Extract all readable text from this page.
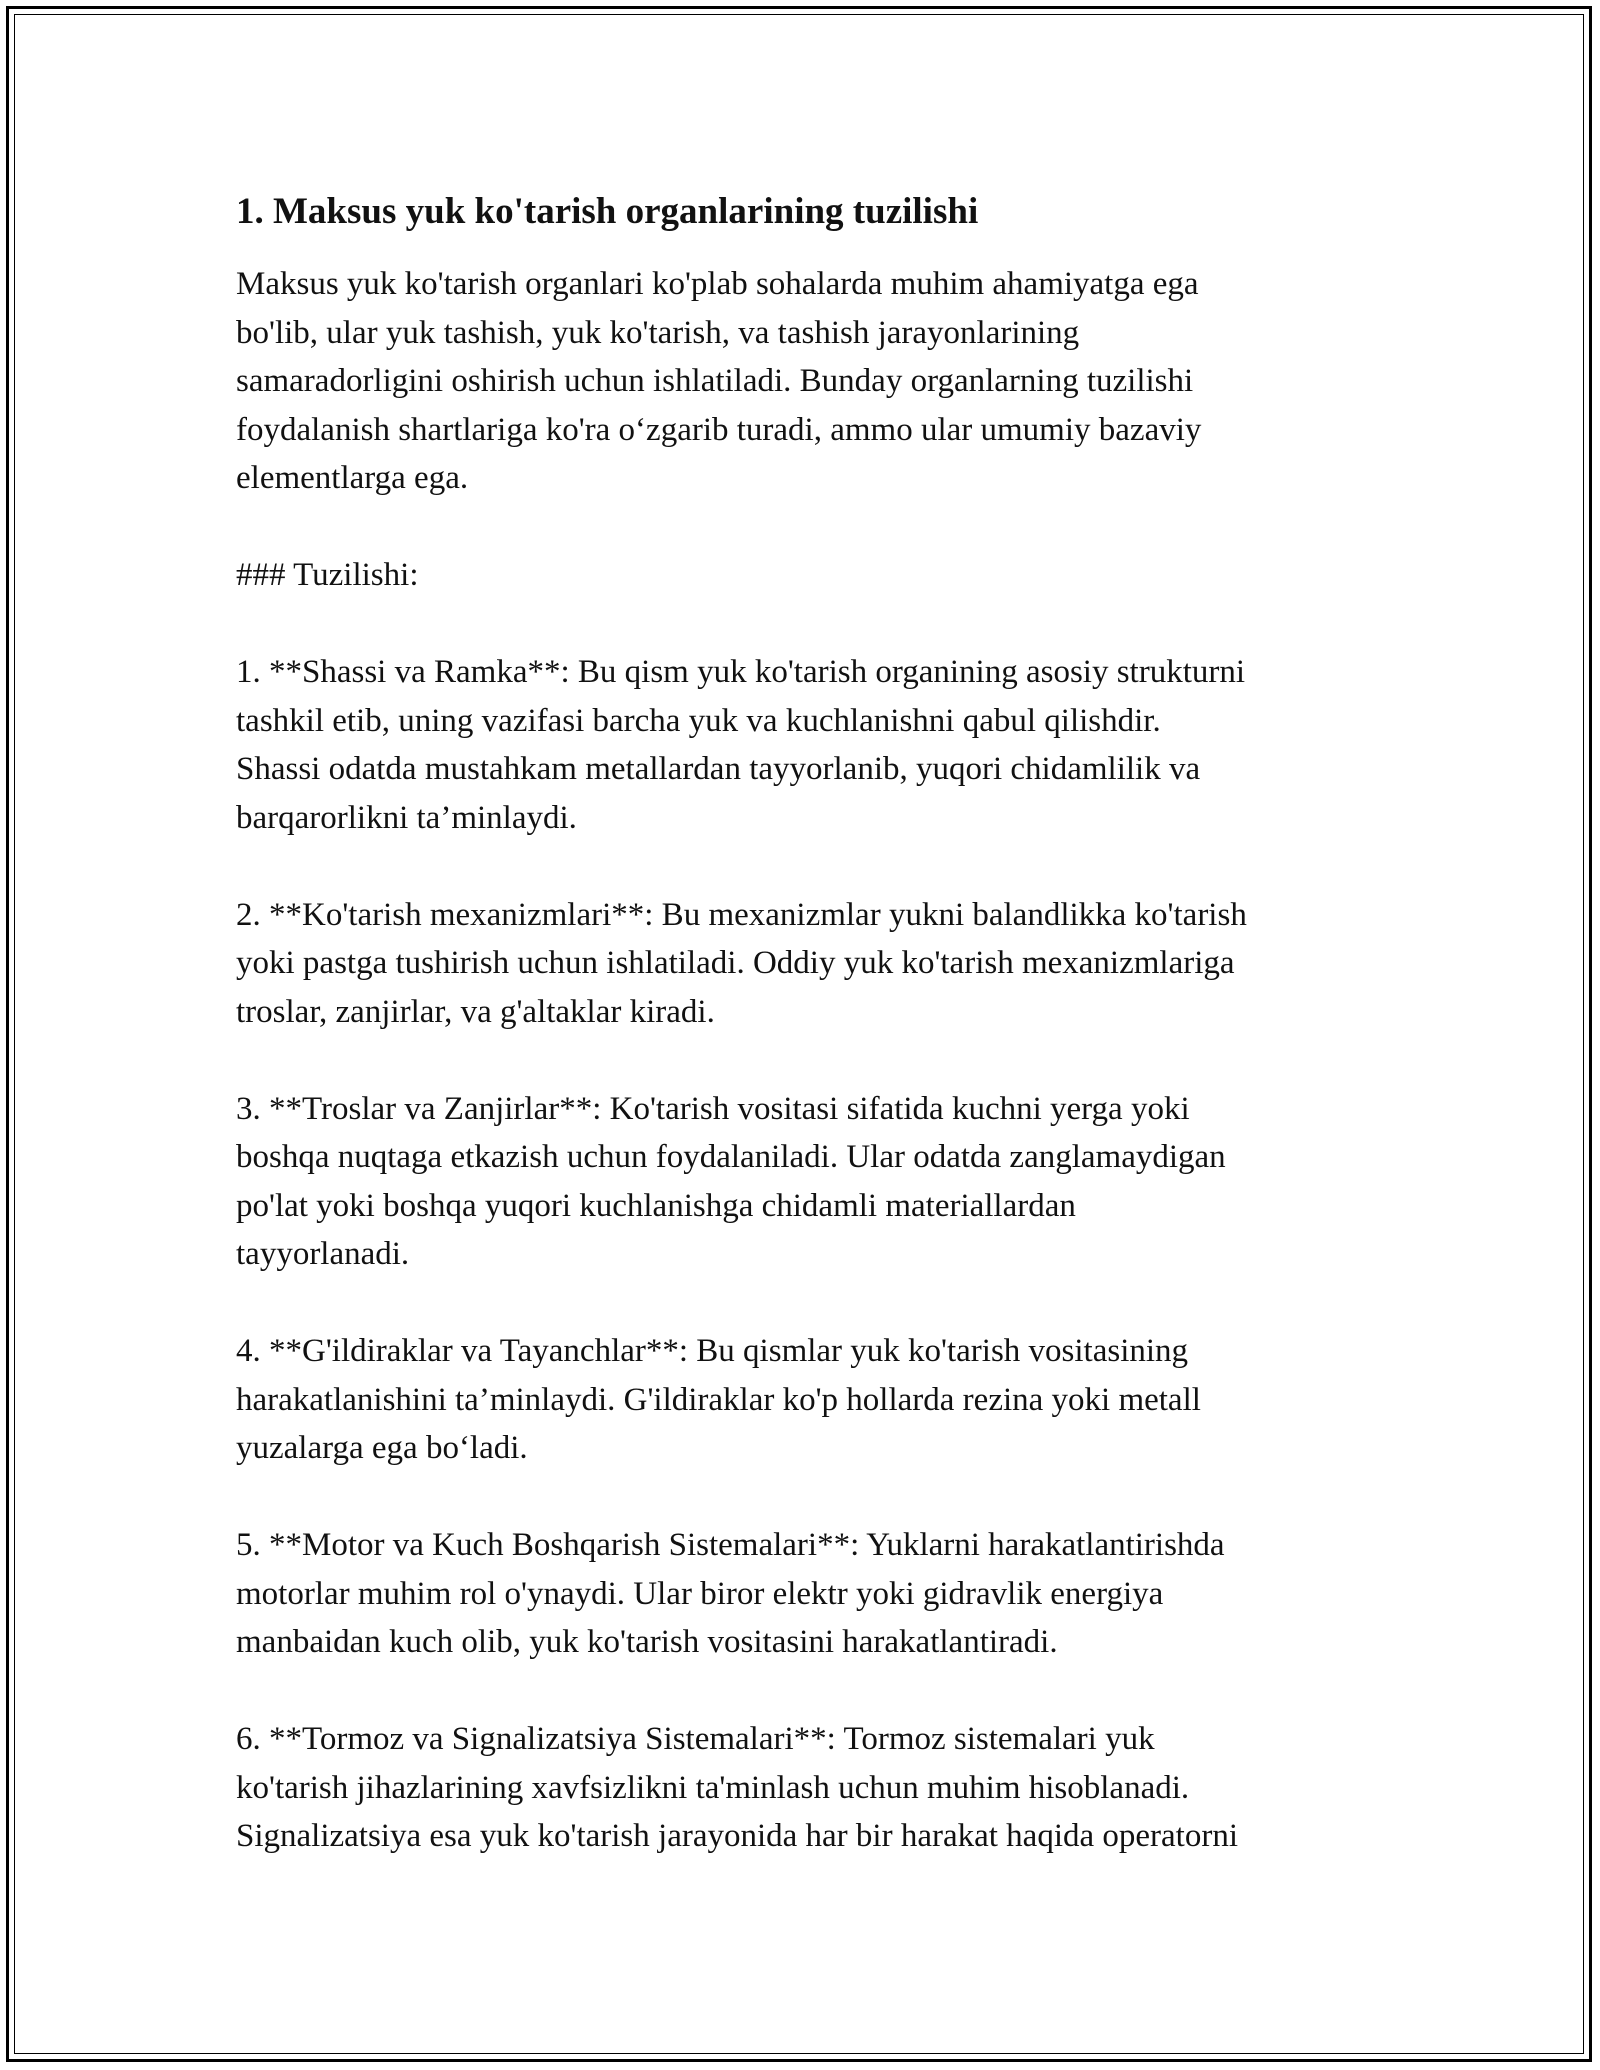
1. Maksus yuk ko'tarish organlarining tuzilishi

Maksus yuk ko'tarish organlari ko'plab sohalarda muhim ahamiyatga ega
bo'lib, ular yuk tashish, yuk ko'tarish, va tashish jarayonlarining
samaradorligini oshirish uchun ishlatiladi. Bunday organlarning tuzilishi
foydalanish shartlariga ko'ra o‘zgarib turadi, ammo ular umumiy bazaviy
elementlarga ega.

### Tuzilishi:

1. **Shassi va Ramka**: Bu qism yuk ko'tarish organining asosiy strukturni
tashkil etib, uning vazifasi barcha yuk va kuchlanishni qabul qilishdir.
Shassi odatda mustahkam metallardan tayyorlanib, yuqori chidamlilik va
barqarorlikni ta’minlaydi.

2. **Ko'tarish mexanizmlari**: Bu mexanizmlar yukni balandlikka ko'tarish
yoki pastga tushirish uchun ishlatiladi. Oddiy yuk ko'tarish mexanizmlariga
troslar, zanjirlar, va g'altaklar kiradi.

3. **Troslar va Zanjirlar**: Ko'tarish vositasi sifatida kuchni yerga yoki
boshqa nuqtaga etkazish uchun foydalaniladi. Ular odatda zanglamaydigan
po'lat yoki boshqa yuqori kuchlanishga chidamli materiallardan
tayyorlanadi.

4. **G'ildiraklar va Tayanchlar**: Bu qismlar yuk ko'tarish vositasining
harakatlanishini ta’minlaydi. G'ildiraklar ko'p hollarda rezina yoki metall
yuzalarga ega bo‘ladi.

5. **Motor va Kuch Boshqarish Sistemalari**: Yuklarni harakatlantirishda
motorlar muhim rol o'ynaydi. Ular biror elektr yoki gidravlik energiya
manbaidan kuch olib, yuk ko'tarish vositasini harakatlantiradi.

6. **Tormoz va Signalizatsiya Sistemalari**: Tormoz sistemalari yuk
ko'tarish jihazlarining xavfsizlikni ta'minlash uchun muhim hisoblanadi.
Signalizatsiya esa yuk ko'tarish jarayonida har bir harakat haqida operatorni
